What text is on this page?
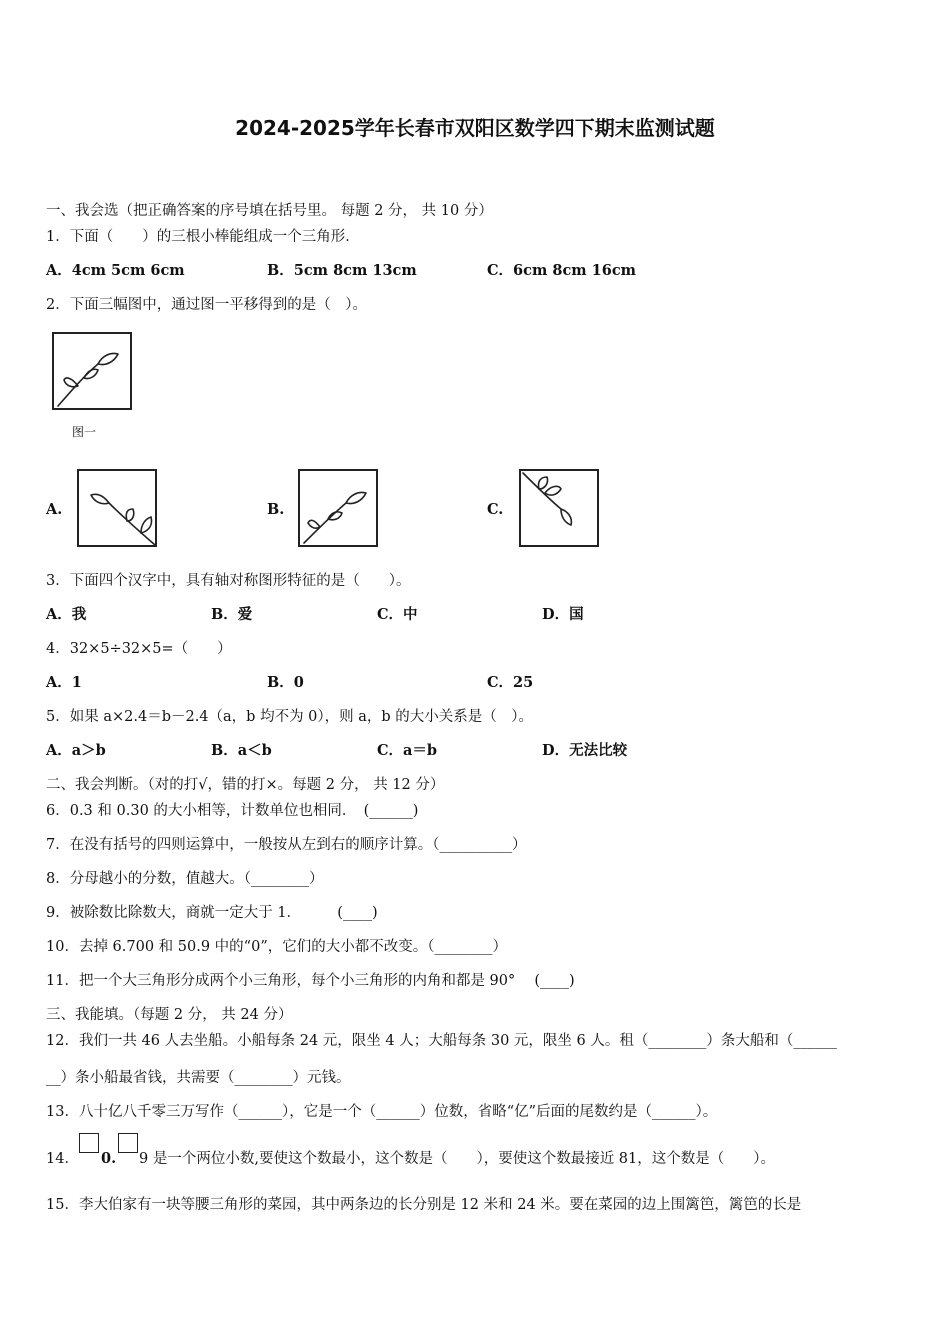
2024-2025学年长春市双阳区数学四下期末监测试题
一、我会选（把正确答案的序号填在括号里。 每题 2 分， 共 10 分）
1．下面（　　）的三根小棒能组成一个三角形．
A．4cm 5cm 6cm	B．5cm 8cm 13cm	C．6cm 8cm 16cm
2．下面三幅图中，通过图一平移得到的是（　）。
图一
A.	B.	C.
3．下面四个汉字中，具有轴对称图形特征的是（　　）。
A．我	B．爱	C．中	D．国
4．32×5÷32×5=（　　）
A．1	B．0	C．25
5．如果 a×2.4＝b－2.4（a，b 均不为 0），则 a，b 的大小关系是（　）。
A．a＞b	B．a＜b	C．a＝b	D．无法比较
二、我会判断。（对的打√，错的打×。每题 2 分， 共 12 分）
6．0.3 和 0.30 的大小相等，计数单位也相同．　(______)
7．在没有括号的四则运算中，一般按从左到右的顺序计算。（__________）
8．分母越小的分数，值越大。（________）
9．被除数比除数大，商就一定大于 1．　　　(____)
10．去掉 6.700 和 50.9 中的“0”，它们的大小都不改变。（________）
11．把一个大三角形分成两个小三角形，每个小三角形的内角和都是 90°　 (____)
三、我能填。（每题 2 分， 共 24 分）
12．我们一共 46 人去坐船。小船每条 24 元，限坐 4 人；大船每条 30 元，限坐 6 人。租（________）条大船和（______
__）条小船最省钱，共需要（________）元钱。
13．八十亿八千零三万写作（______），它是一个（______）位数，省略“亿”后面的尾数约是（______）。
14． 0. 9 是一个两位小数,要使这个数最小，这个数是（　　），要使这个数最接近 81，这个数是（　　）。
15．李大伯家有一块等腰三角形的菜园，其中两条边的长分别是 12 米和 24 米。要在菜园的边上围篱笆，篱笆的长是
